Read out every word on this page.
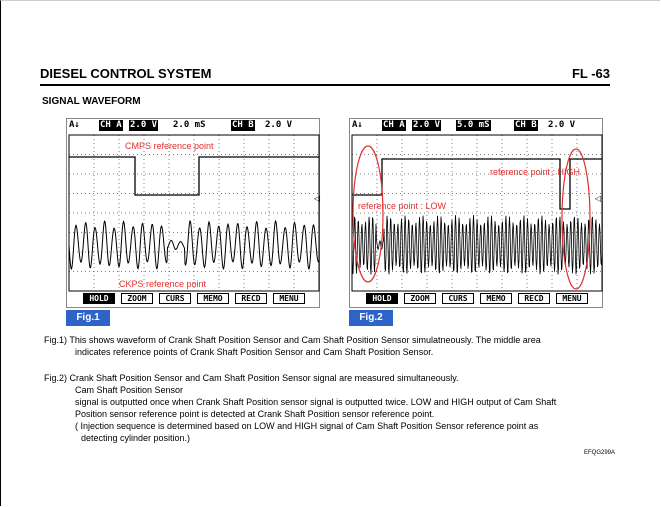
DIESEL CONTROL SYSTEM	FL -63
SIGNAL WAVEFORM
◁
A↓ CH A 2.0 V 2.0 mS	CH B 2.0 V
CMPS reference point
CKPS reference point
HOLD	ZOOM	CURS	MEMO	RECD	MENU
Fig.1
◁
A↓ CH A 2.0 V 5.0 mS	CH B 2.0 V
reference point : HIGH
reference point : LOW
HOLD	ZOOM	CURS	MEMO	RECD	MENU
Fig.2
Fig.1) This shows waveform of Crank Shaft Position Sensor and Cam Shaft Position Sensor simulatneously. The middle area
indicates reference points of Crank Shaft Position Sensor and Cam Shaft Position Sensor.
Fig.2) Crank Shaft Position Sensor and Cam Shaft Position Sensor signal are measured simultaneously.
Cam Shaft Position Sensor
signal is outputted once when Crank Shaft Position sensor signal is outputted twice. LOW and HIGH output of Cam Shaft
Position sensor reference point is detected at Crank Shaft Position sensor reference point.
( Injection sequence is determined based on LOW and HIGH signal of Cam Shaft Position Sensor reference point as
detecting cylinder position.)
EFQG299A
